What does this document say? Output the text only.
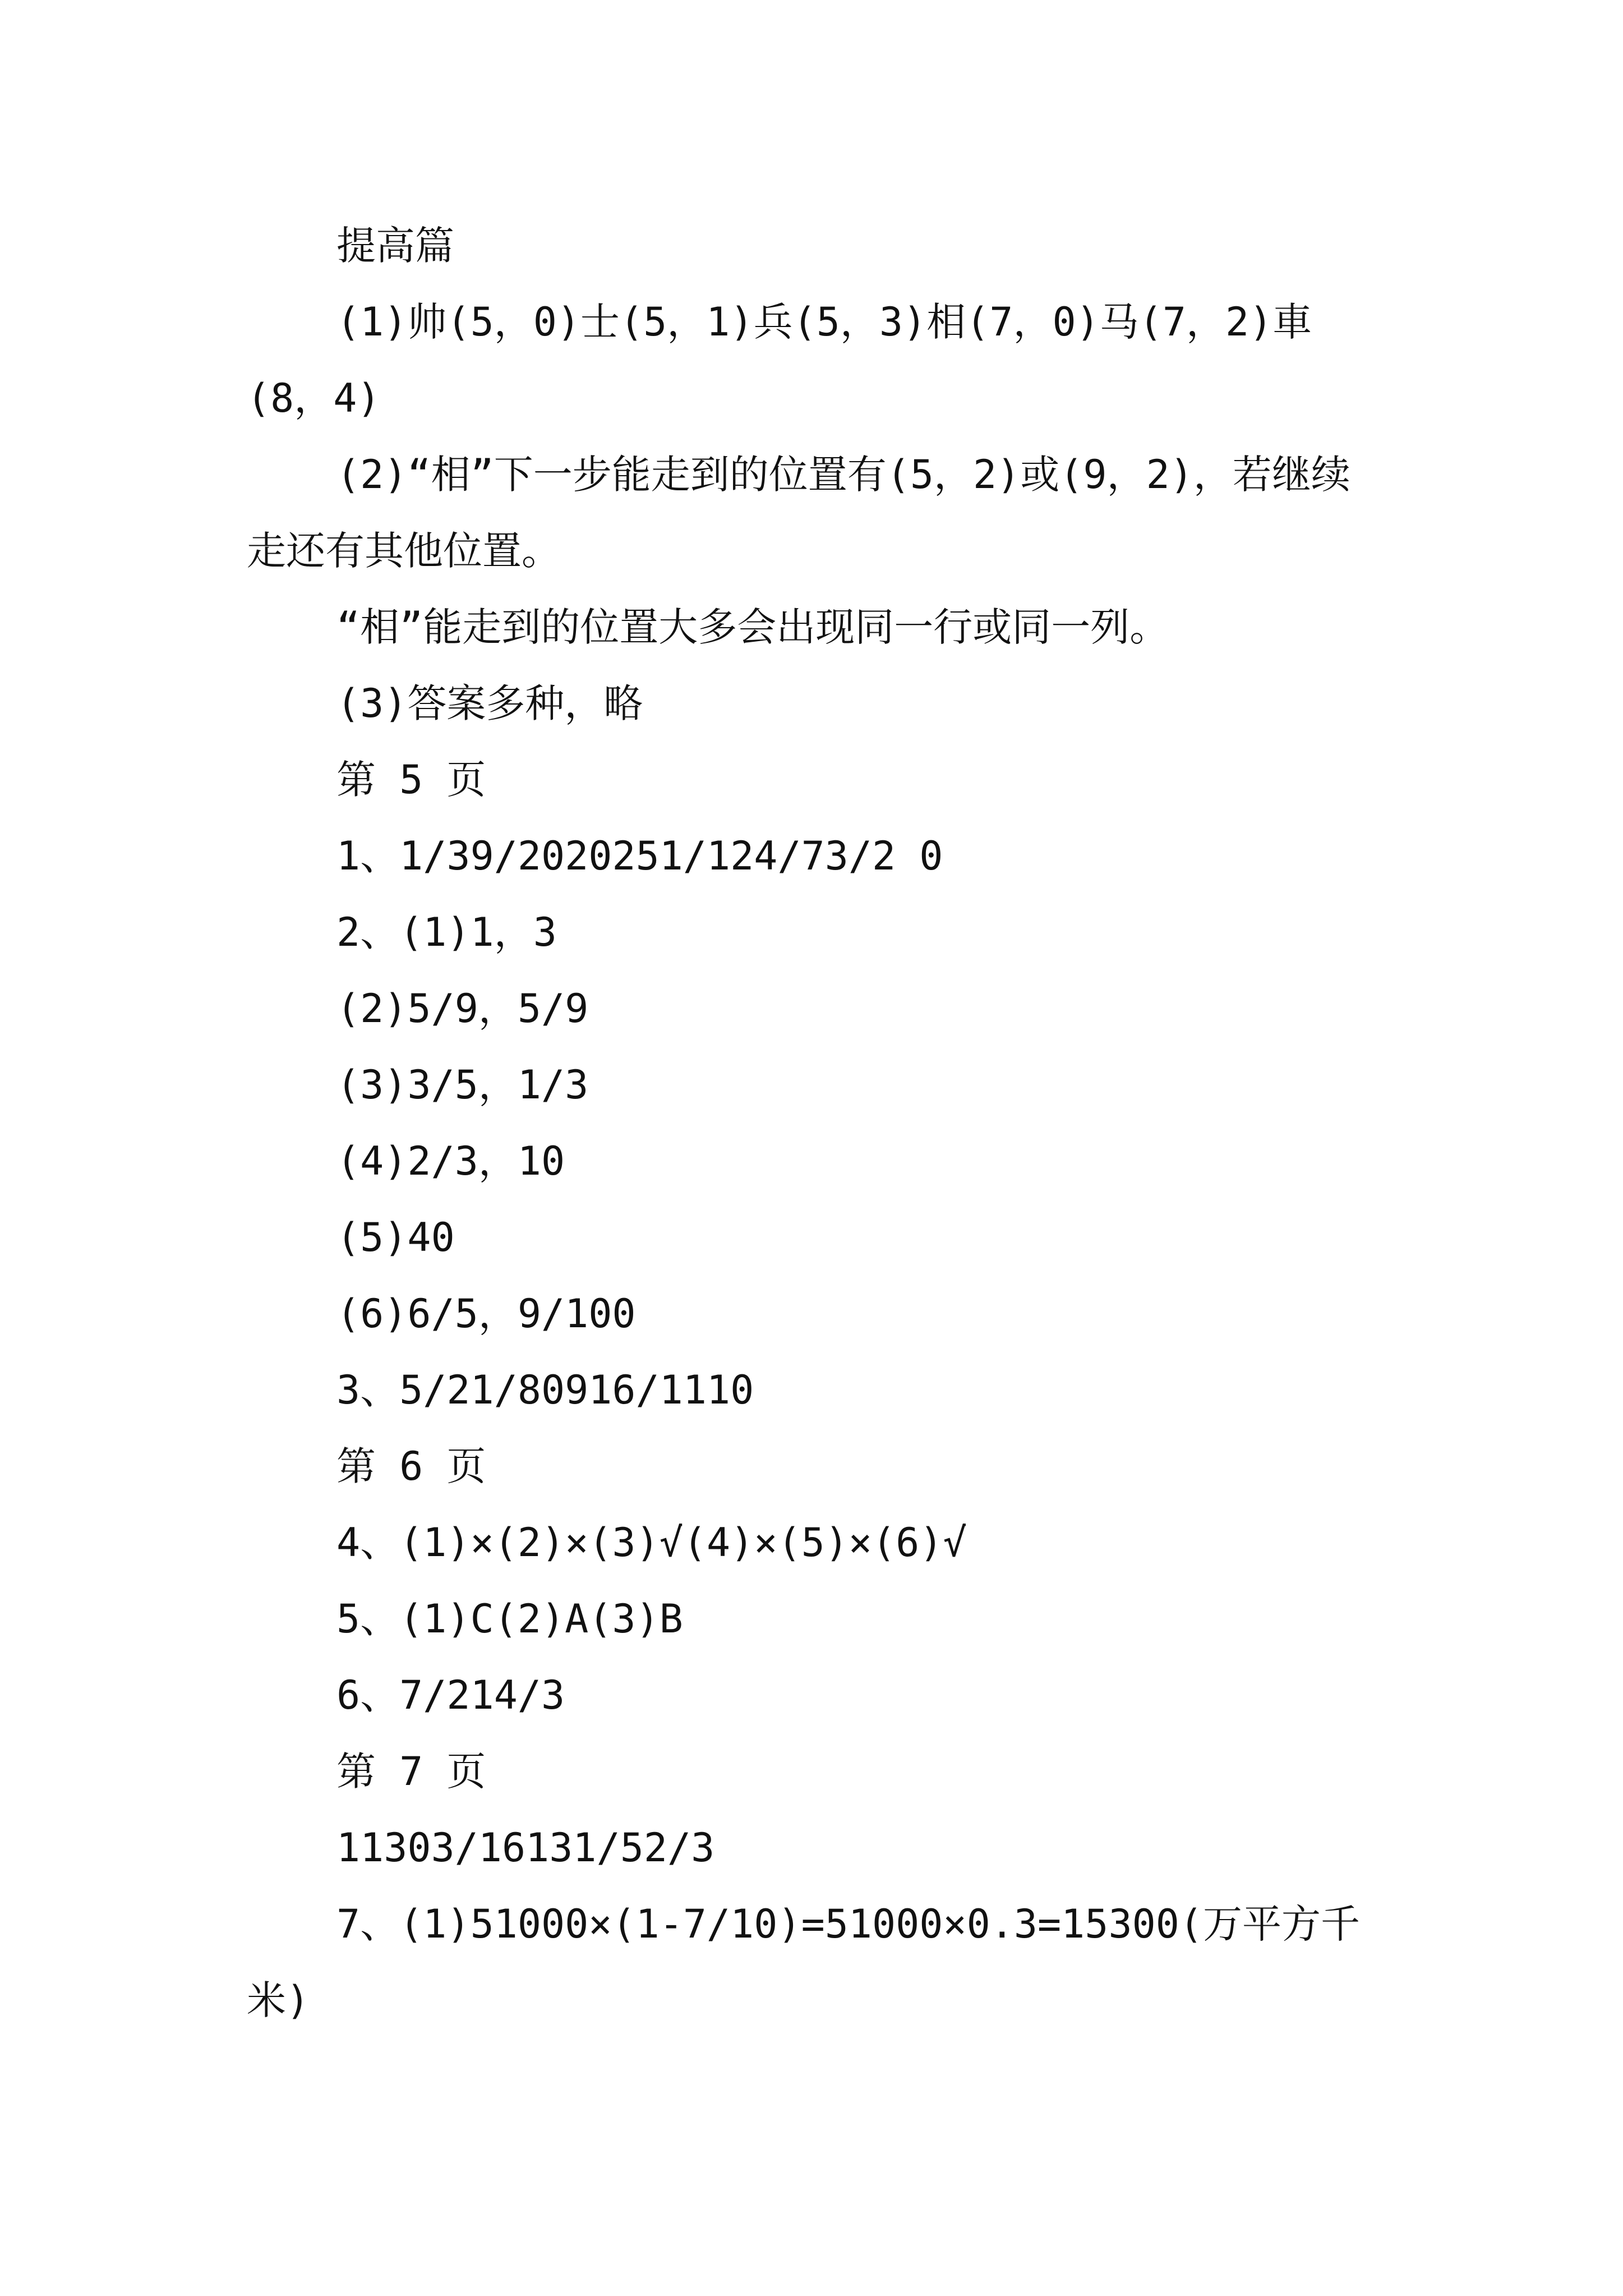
提高篇

(1)帅(5，0)士(5，1)兵(5，3)相(7，0)马(7，2)車(8，4)

(2)“相”下一步能走到的位置有(5，2)或(9，2)，若继续走还有其他位置。

“相”能走到的位置大多会出现同一行或同一列。

(3)答案多种，略

第 5 页

1、1/39/2020251/124/73/2 0

2、(1)1，3

(2)5/9，5/9

(3)3/5，1/3

(4)2/3，10

(5)40

(6)6/5，9/100

3、5/21/80916/1110

第 6 页

4、(1)×(2)×(3)√(4)×(5)×(6)√

5、(1)C(2)A(3)B

6、7/214/3

第 7 页

11303/16131/52/3

7、(1)51000×(1-7/10)=51000×0.3=15300(万平方千米)
